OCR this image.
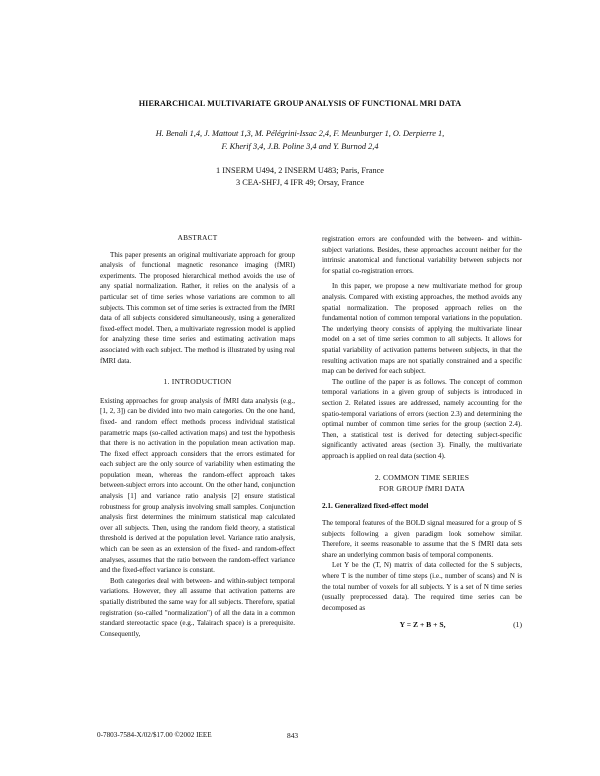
HIERARCHICAL MULTIVARIATE GROUP ANALYSIS OF FUNCTIONAL MRI DATA
H. Benali 1,4, J. Mattout 1,3, M. Pélégrini-Issac 2,4, F. Meunburger 1, O. Derpierre 1,
F. Kherif 3,4, J.B. Poline 3,4 and Y. Burnod 2,4
1 INSERM U494, 2 INSERM U483; Paris, France
3 CEA-SHFJ, 4 IFR 49; Orsay, France
ABSTRACT

This paper presents an original multivariate approach for group analysis of functional magnetic resonance imaging (fMRI) experiments. The proposed hierarchical method avoids the use of any spatial normalization. Rather, it relies on the analysis of a particular set of time series whose variations are common to all subjects. This common set of time series is extracted from the fMRI data of all subjects considered simultaneously, using a generalized fixed-effect model. Then, a multivariate regression model is applied for analyzing these time series and estimating activation maps associated with each subject. The method is illustrated by using real fMRI data.

1. INTRODUCTION

Existing approaches for group analysis of fMRI data analysis (e.g., [1, 2, 3]) can be divided into two main categories. On the one hand, fixed- and random effect methods process individual statistical parametric maps (so-called activation maps) and test the hypothesis that there is no activation in the population mean activation map. The fixed effect approach considers that the errors estimated for each subject are the only source of variability when estimating the population mean, whereas the random-effect approach takes between-subject errors into account. On the other hand, conjunction analysis [1] and variance ratio analysis [2] ensure statistical robustness for group analysis involving small samples. Conjunction analysis first determines the minimum statistical map calculated over all subjects. Then, using the random field theory, a statistical threshold is derived at the population level. Variance ratio analysis, which can be seen as an extension of the fixed- and random-effect analyses, assumes that the ratio between the random-effect variance and the fixed-effect variance is constant.

Both categories deal with between- and within-subject temporal variations. However, they all assume that activation patterns are spatially distributed the same way for all subjects. Therefore, spatial registration (so-called "normalization") of all the data in a common standard stereotactic space (e.g., Talairach space) is a prerequisite. Consequently,

registration errors are confounded with the between- and within-subject variations. Besides, these approaches account neither for the intrinsic anatomical and functional variability between subjects nor for spatial co-registration errors.

In this paper, we propose a new multivariate method for group analysis. Compared with existing approaches, the method avoids any spatial normalization. The proposed approach relies on the fundamental notion of common temporal variations in the population. The underlying theory consists of applying the multivariate linear model on a set of time series common to all subjects. It allows for spatial variability of activation patterns between subjects, in that the resulting activation maps are not spatially constrained and a specific map can be derived for each subject.

The outline of the paper is as follows. The concept of common temporal variations in a given group of subjects is introduced in section 2. Related issues are addressed, namely accounting for the spatio-temporal variations of errors (section 2.3) and determining the optimal number of common time series for the group (section 2.4). Then, a statistical test is derived for detecting subject-specific significantly activated areas (section 3). Finally, the multivariate approach is applied on real data (section 4).

2. COMMON TIME SERIES
FOR GROUP fMRI DATA
2.1. Generalized fixed-effect model

The temporal features of the BOLD signal measured for a group of S subjects following a given paradigm look somehow similar. Therefore, it seems reasonable to assume that the S fMRI data sets share an underlying common basis of temporal components.

Let Y be the (T, N) matrix of data collected for the S subjects, where T is the number of time steps (i.e., number of scans) and N is the total number of voxels for all subjects. Y is a set of N time series (usually preprocessed data). The required time series can be decomposed as

Y = Z + B + S,	(1)
0-7803-7584-X/02/$17.00 ©2002 IEEE	843
